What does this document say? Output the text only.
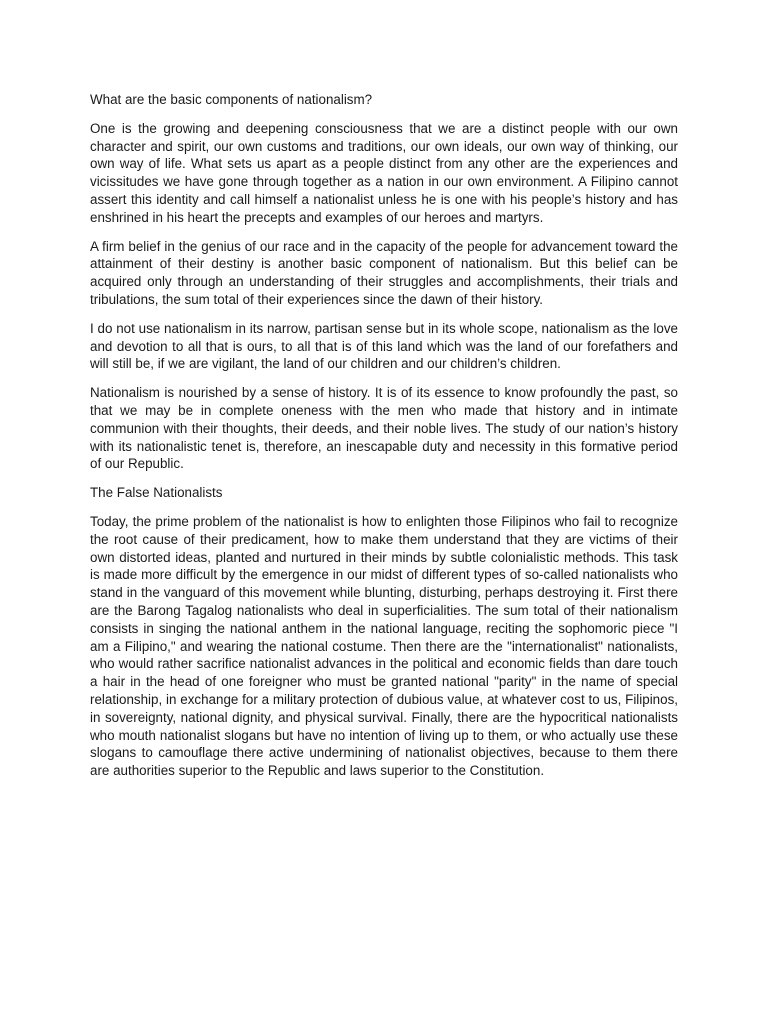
What are the basic components of nationalism?

One is the growing and deepening consciousness that we are a distinct people with our own character and spirit, our own customs and traditions, our own ideals, our own way of thinking, our own way of life. What sets us apart as a people distinct from any other are the experiences and vicissitudes we have gone through together as a nation in our own environment. A Filipino cannot assert this identity and call himself a nationalist unless he is one with his people’s history and has enshrined in his heart the precepts and examples of our heroes and martyrs.

A firm belief in the genius of our race and in the capacity of the people for advancement toward the attainment of their destiny is another basic component of nationalism. But this belief can be acquired only through an understanding of their struggles and accomplishments, their trials and tribulations, the sum total of their experiences since the dawn of their history.

I do not use nationalism in its narrow, partisan sense but in its whole scope, nationalism as the love and devotion to all that is ours, to all that is of this land which was the land of our forefathers and will still be, if we are vigilant, the land of our children and our children’s children.

Nationalism is nourished by a sense of history. It is of its essence to know profoundly the past, so that we may be in complete oneness with the men who made that history and in intimate communion with their thoughts, their deeds, and their noble lives. The study of our nation’s history with its nationalistic tenet is, therefore, an inescapable duty and necessity in this formative period of our Republic.

The False Nationalists

Today, the prime problem of the nationalist is how to enlighten those Filipinos who fail to recognize the root cause of their predicament, how to make them understand that they are victims of their own distorted ideas, planted and nurtured in their minds by subtle colonialistic methods. This task is made more difficult by the emergence in our midst of different types of so-called nationalists who stand in the vanguard of this movement while blunting, disturbing, perhaps destroying it. First there are the Barong Tagalog nationalists who deal in superficialities. The sum total of their nationalism consists in singing the national anthem in the national language, reciting the sophomoric piece "I am a Filipino," and wearing the national costume. Then there are the "internationalist" nationalists, who would rather sacrifice nationalist advances in the political and economic fields than dare touch a hair in the head of one foreigner who must be granted national "parity" in the name of special relationship, in exchange for a military protection of dubious value, at whatever cost to us, Filipinos, in sovereignty, national dignity, and physical survival. Finally, there are the hypocritical nationalists who mouth nationalist slogans but have no intention of living up to them, or who actually use these slogans to camouflage there active undermining of nationalist objectives, because to them there are authorities superior to the Republic and laws superior to the Constitution.
